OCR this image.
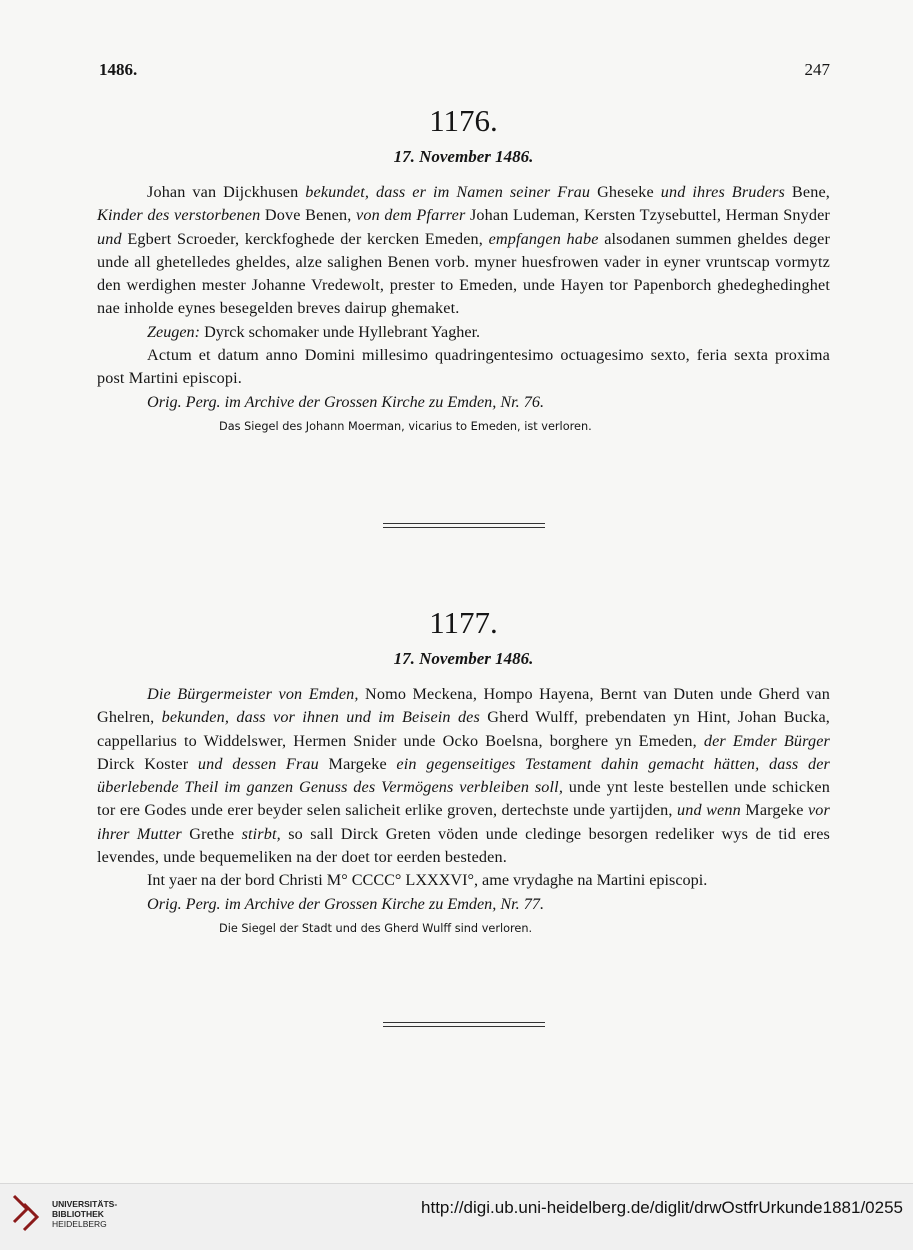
1486.	247

1176.

17. November 1486.

Johan van Dijckhusen bekundet, dass er im Namen seiner Frau Gheseke und ihres Bruders Bene, Kinder des verstorbenen Dove Benen, von dem Pfarrer Johan Ludeman, Kersten Tzysebuttel, Herman Snyder und Egbert Scroeder, kerckfoghede der kercken Emeden, empfangen habe alsodanen summen gheldes deger unde all ghetelledes gheldes, alze salighen Benen vorb. myner huesfrowen vader in eyner vruntscap vormytz den werdighen mester Johanne Vredewolt, prester to Emeden, unde Hayen tor Papenborch ghedeghedinghet nae inholde eynes besegelden breves dairup ghemaket.

Zeugen: Dyrck schomaker unde Hyllebrant Yagher.

Actum et datum anno Domini millesimo quadringentesimo octuagesimo sexto, feria sexta proxima post Martini episcopi.

Orig. Perg. im Archive der Grossen Kirche zu Emden, Nr. 76.

Das Siegel des Johann Moerman, vicarius to Emeden, ist verloren.

1177.

17. November 1486.

Die Bürgermeister von Emden, Nomo Meckena, Hompo Hayena, Bernt van Duten unde Gherd van Ghelren, bekunden, dass vor ihnen und im Beisein des Gherd Wulff, prebendaten yn Hint, Johan Bucka, cappellarius to Widdelswer, Hermen Snider unde Ocko Boelsna, borghere yn Emeden, der Emder Bürger Dirck Koster und dessen Frau Margeke ein gegenseitiges Testament dahin gemacht hätten, dass der überlebende Theil im ganzen Genuss des Vermögens verbleiben soll, unde ynt leste bestellen unde schicken tor ere Godes unde erer beyder selen salicheit erlike groven, dertechste unde yartijden, und wenn Margeke vor ihrer Mutter Grethe stirbt, so sall Dirck Greten vöden unde cledinge besorgen redeliker wys de tid eres levendes, unde bequemeliken na der doet tor eerden besteden.

Int yaer na der bord Christi M° CCCC° LXXXVI°, ame vrydaghe na Martini episcopi.

Orig. Perg. im Archive der Grossen Kirche zu Emden, Nr. 77.

Die Siegel der Stadt und des Gherd Wulff sind verloren.

UNIVERSITÄTS-
BIBLIOTHEK
HEIDELBERG
http://digi.ub.uni-heidelberg.de/diglit/drwOstfrUrkunde1881/0255
